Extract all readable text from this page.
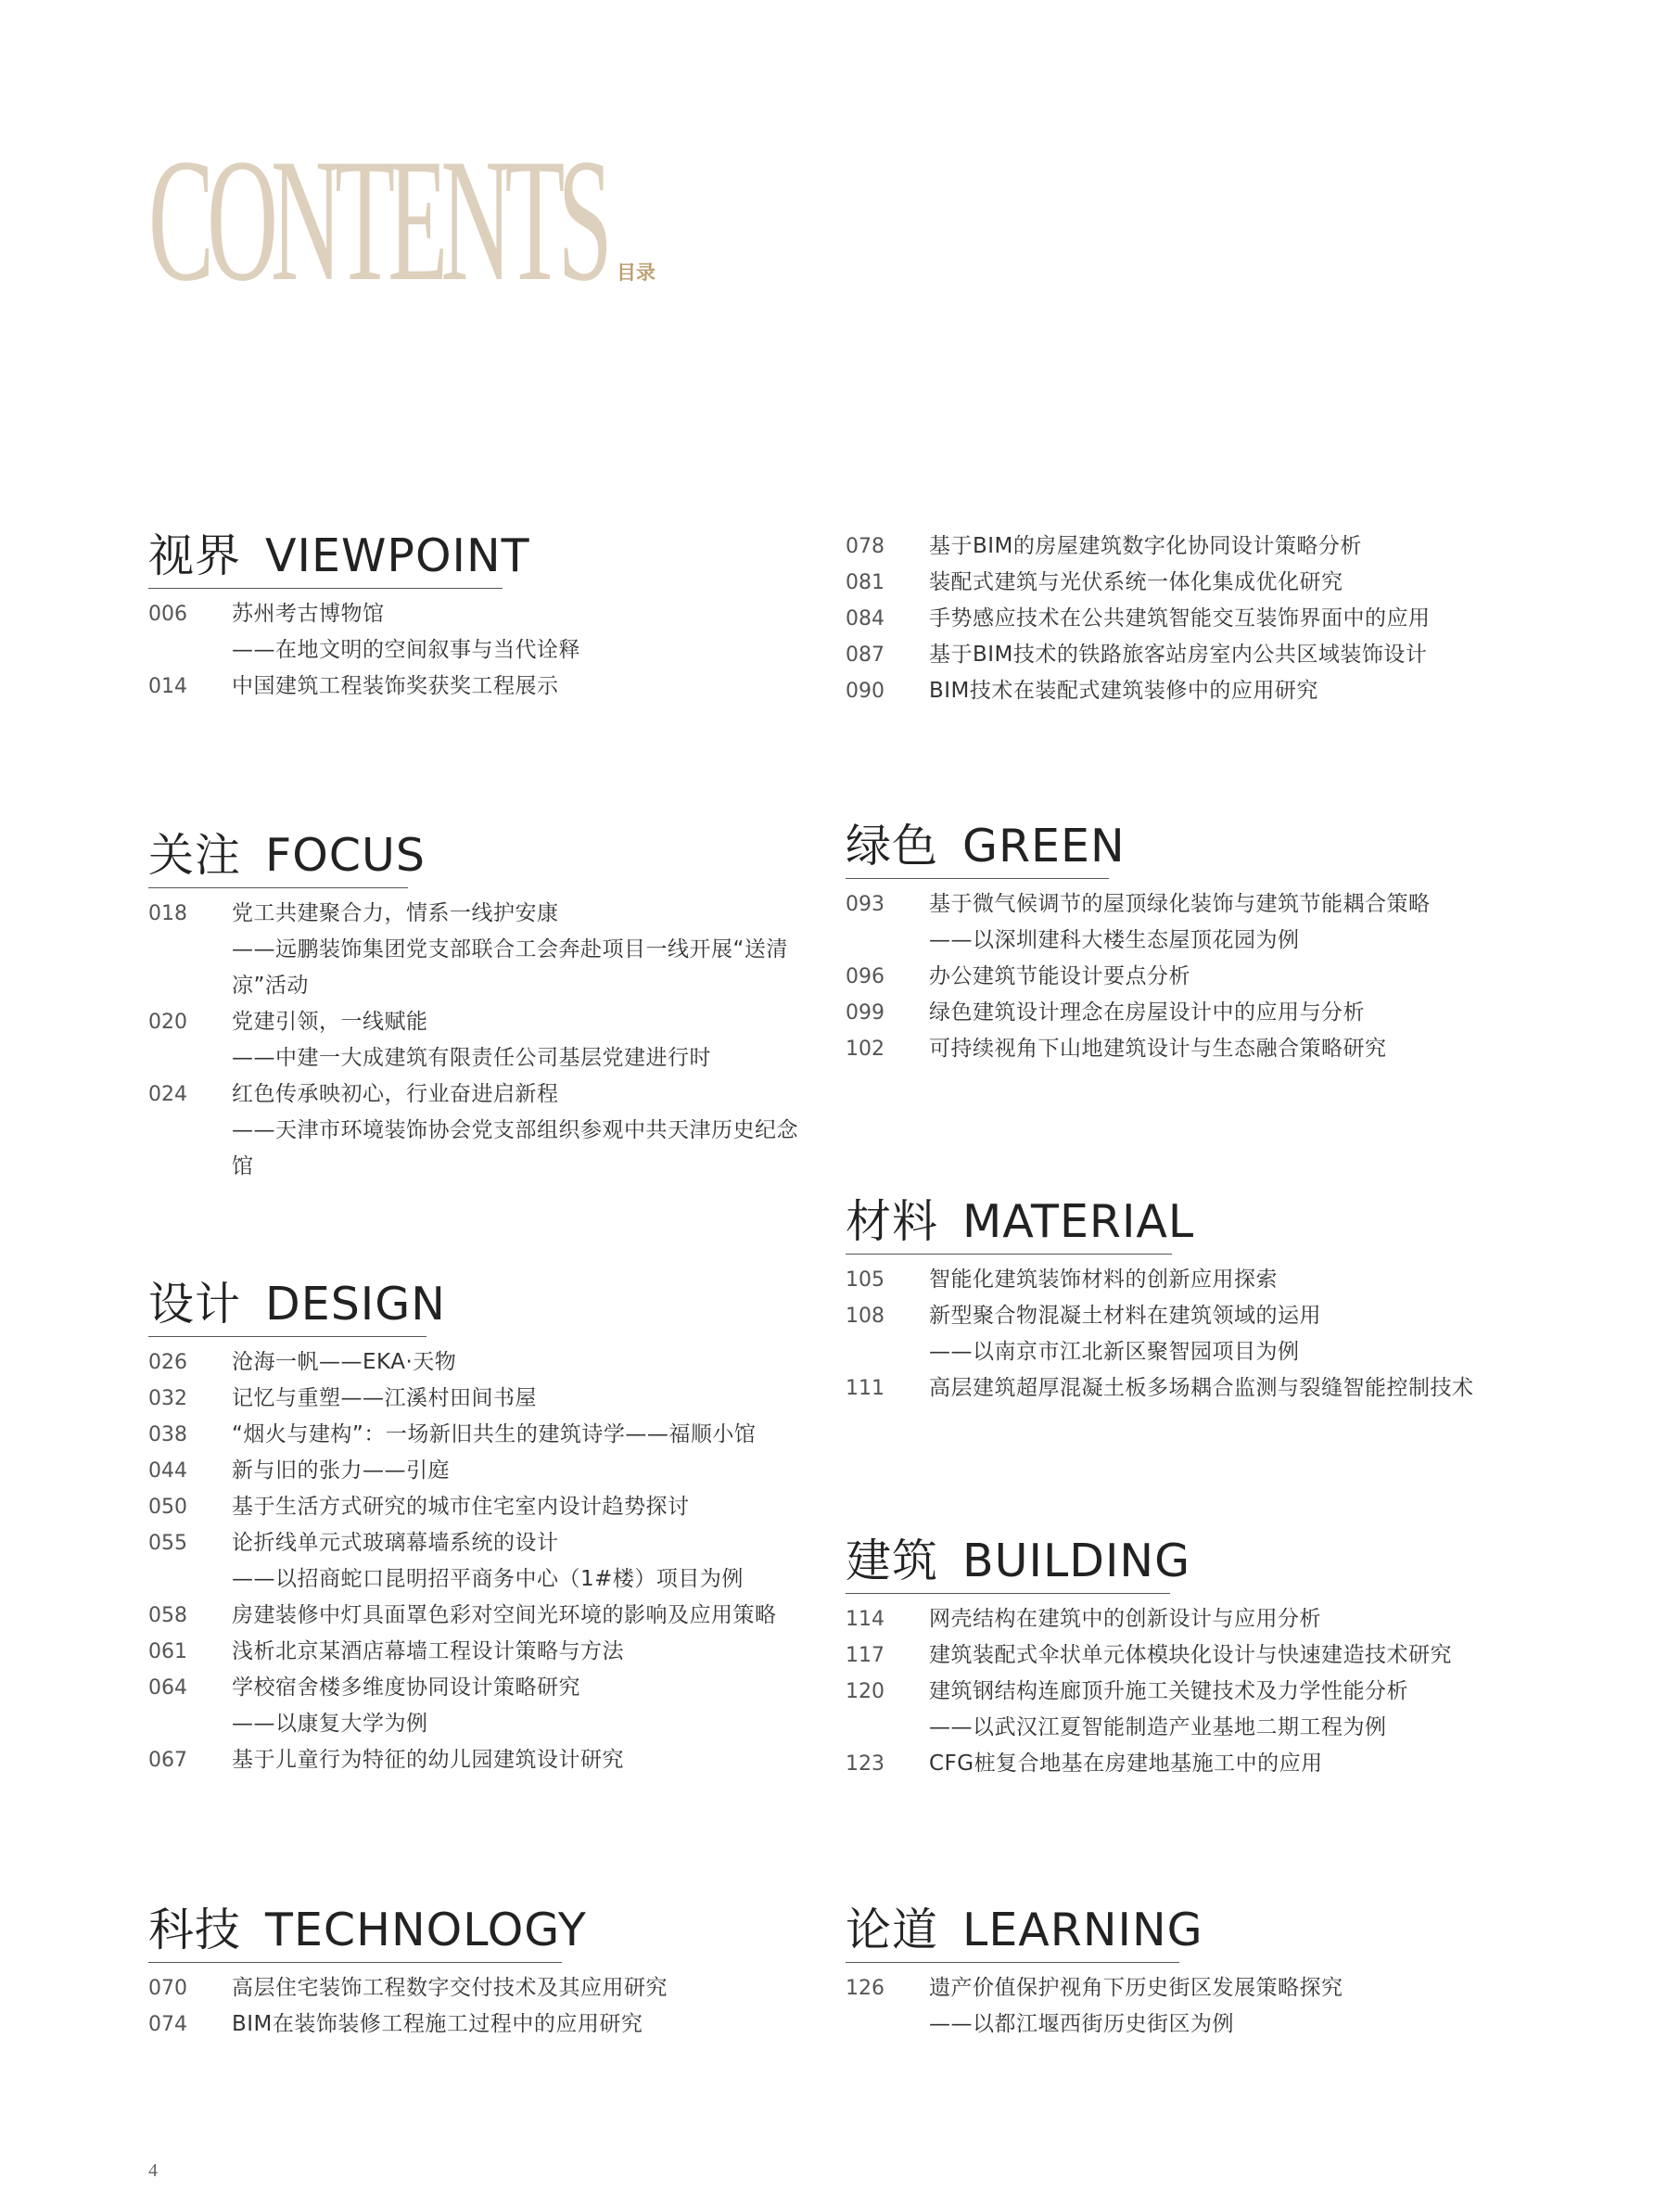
CONTENTS 目录
视界 VIEWPOINT
006	苏州考古博物馆
——在地文明的空间叙事与当代诠释
014	中国建筑工程装饰奖获奖工程展示
关注 FOCUS
018	党工共建聚合力，情系一线护安康
——远鹏装饰集团党支部联合工会奔赴项目一线开展“送清
凉”活动
020	党建引领，一线赋能
——中建一大成建筑有限责任公司基层党建进行时
024	红色传承映初心，行业奋进启新程
——天津市环境装饰协会党支部组织参观中共天津历史纪念馆
设计 DESIGN
026	沧海一帆——EKA·天物
032	记忆与重塑——江溪村田间书屋
038	“烟火与建构”：一场新旧共生的建筑诗学——福顺小馆
044	新与旧的张力——引庭
050	基于生活方式研究的城市住宅室内设计趋势探讨
055	论折线单元式玻璃幕墙系统的设计
——以招商蛇口昆明招平商务中心（1#楼）项目为例
058	房建装修中灯具面罩色彩对空间光环境的影响及应用策略
061	浅析北京某酒店幕墙工程设计策略与方法
064	学校宿舍楼多维度协同设计策略研究
——以康复大学为例
067	基于儿童行为特征的幼儿园建筑设计研究
科技 TECHNOLOGY
070	高层住宅装饰工程数字交付技术及其应用研究
074	BIM在装饰装修工程施工过程中的应用研究
078	基于BIM的房屋建筑数字化协同设计策略分析
081	装配式建筑与光伏系统一体化集成优化研究
084	手势感应技术在公共建筑智能交互装饰界面中的应用
087	基于BIM技术的铁路旅客站房室内公共区域装饰设计
090	BIM技术在装配式建筑装修中的应用研究
绿色 GREEN
093	基于微气候调节的屋顶绿化装饰与建筑节能耦合策略
——以深圳建科大楼生态屋顶花园为例
096	办公建筑节能设计要点分析
099	绿色建筑设计理念在房屋设计中的应用与分析
102	可持续视角下山地建筑设计与生态融合策略研究
材料 MATERIAL
105	智能化建筑装饰材料的创新应用探索
108	新型聚合物混凝土材料在建筑领域的运用
——以南京市江北新区聚智园项目为例
111	高层建筑超厚混凝土板多场耦合监测与裂缝智能控制技术
建筑 BUILDING
114	网壳结构在建筑中的创新设计与应用分析
117	建筑装配式伞状单元体模块化设计与快速建造技术研究
120	建筑钢结构连廊顶升施工关键技术及力学性能分析
——以武汉江夏智能制造产业基地二期工程为例
123	CFG桩复合地基在房建地基施工中的应用
论道 LEARNING
126	遗产价值保护视角下历史街区发展策略探究
——以都江堰西街历史街区为例
4
